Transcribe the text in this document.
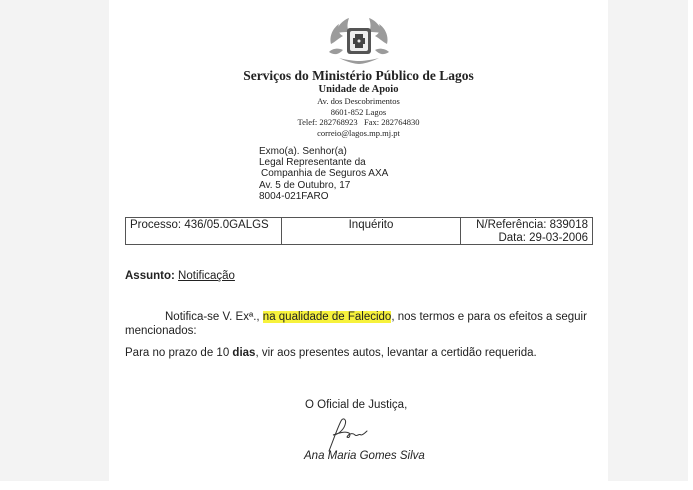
Serviços do Ministério Público de Lagos
Unidade de Apoio
Av. dos Descobrimentos
8601-852 Lagos
Telef: 282768923   Fax: 282764830
correio@lagos.mp.mj.pt
Exmo(a). Senhor(a)
Legal Representante da
Companhia de Seguros AXA
Av. 5 de Outubro, 17
8004-021FARO
Processo: 436/05.0GALGS	Inquérito	N/Referência: 839018
Data: 29-03-2006
Assunto: Notificação
Notifica-se V. Exª., na qualidade de Falecido, nos termos e para os efeitos a seguir mencionados:
Para no prazo de 10 dias, vir aos presentes autos, levantar a certidão requerida.
O Oficial de Justiça,
Ana Maria Gomes Silva
